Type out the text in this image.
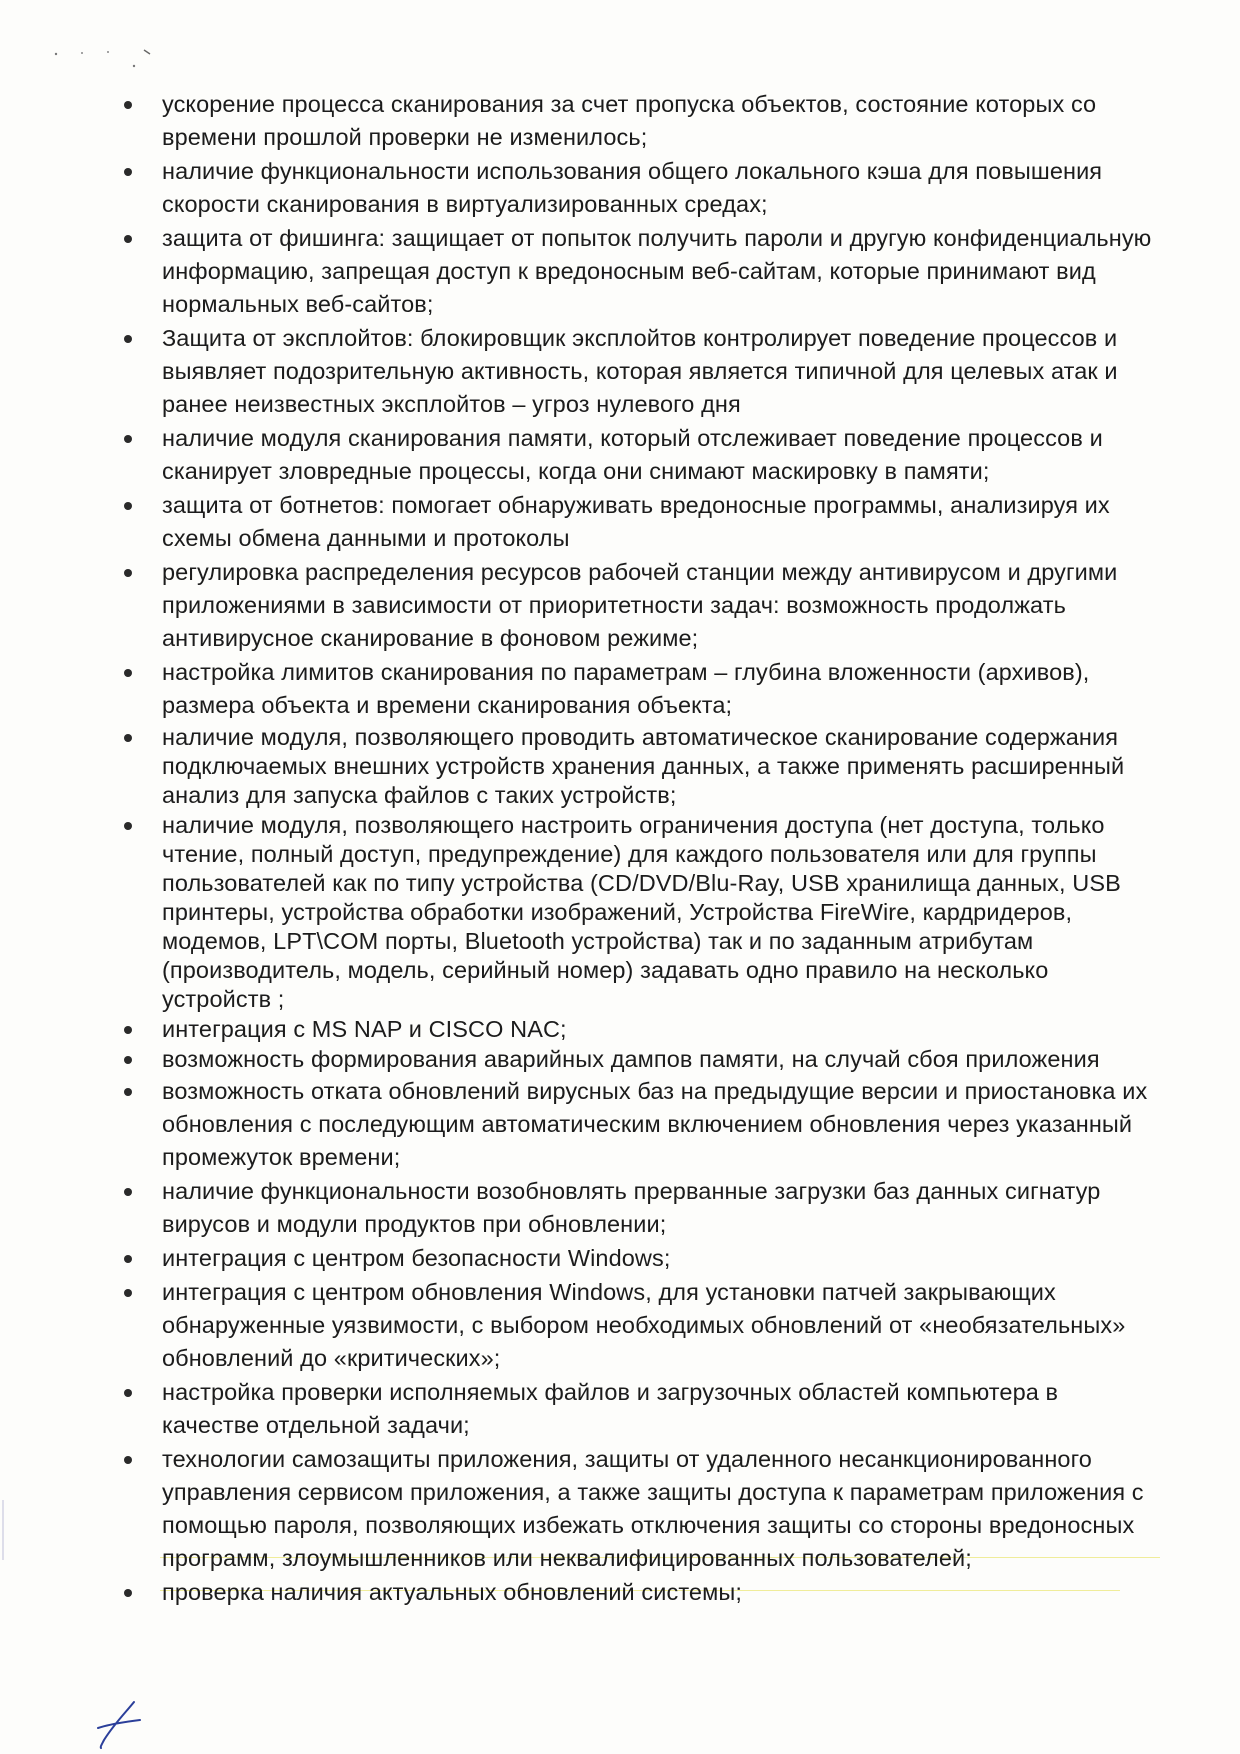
ускорение процесса сканирования за счет пропуска объектов, состояние которых со времени прошлой проверки не изменилось;
наличие функциональности использования общего локального кэша для повышения скорости сканирования в виртуализированных средах;
защита от фишинга: защищает от попыток получить пароли и другую конфиденциальную информацию, запрещая доступ к вредоносным веб-сайтам, которые принимают вид нормальных веб-сайтов;
Защита от эксплойтов: блокировщик эксплойтов контролирует поведение процессов и выявляет подозрительную активность, которая является типичной для целевых атак и ранее неизвестных эксплойтов – угроз нулевого дня
наличие модуля сканирования памяти, который отслеживает поведение процессов и сканирует зловредные процессы, когда они снимают маскировку в памяти;
защита от ботнетов: помогает обнаруживать вредоносные программы, анализируя их схемы обмена данными и протоколы
регулировка распределения ресурсов рабочей станции между антивирусом и другими приложениями в зависимости от приоритетности задач: возможность продолжать антивирусное сканирование в фоновом режиме;
настройка лимитов сканирования по параметрам – глубина вложенности (архивов), размера объекта и времени сканирования объекта;
наличие модуля, позволяющего проводить автоматическое сканирование содержания подключаемых внешних устройств хранения данных, а также применять расширенный анализ для запуска файлов с таких устройств;
наличие модуля, позволяющего настроить ограничения доступа (нет доступа, только чтение, полный доступ, предупреждение) для каждого пользователя или для группы пользователей как по типу устройства (CD/DVD/Blu-Ray, USB хранилища данных, USB принтеры, устройства обработки изображений, Устройства FireWire, кардридеров, модемов, LPT\COM порты, Bluetooth устройства) так и по заданным атрибутам (производитель, модель, серийный номер) задавать одно правило на несколько устройств ;
интеграция с MS NAP и CISCO NAC;
возможность формирования аварийных дампов памяти, на случай сбоя приложения
возможность отката обновлений вирусных баз на предыдущие версии и приостановка их обновления с последующим автоматическим включением обновления через указанный промежуток времени;
наличие функциональности возобновлять прерванные загрузки баз данных сигнатур вирусов и модули продуктов при обновлении;
интеграция с центром безопасности Windows;
интеграция с центром обновления Windows, для установки патчей закрывающих обнаруженные уязвимости, с выбором необходимых обновлений от «необязательных» обновлений до «критических»;
настройка проверки исполняемых файлов и загрузочных областей компьютера в качестве отдельной задачи;
технологии самозащиты приложения, защиты от удаленного несанкционированного управления сервисом приложения, а также защиты доступа к параметрам приложения с помощью пароля, позволяющих избежать отключения защиты со стороны вредоносных программ, злоумышленников или неквалифицированных пользователей;
проверка наличия актуальных обновлений системы;
